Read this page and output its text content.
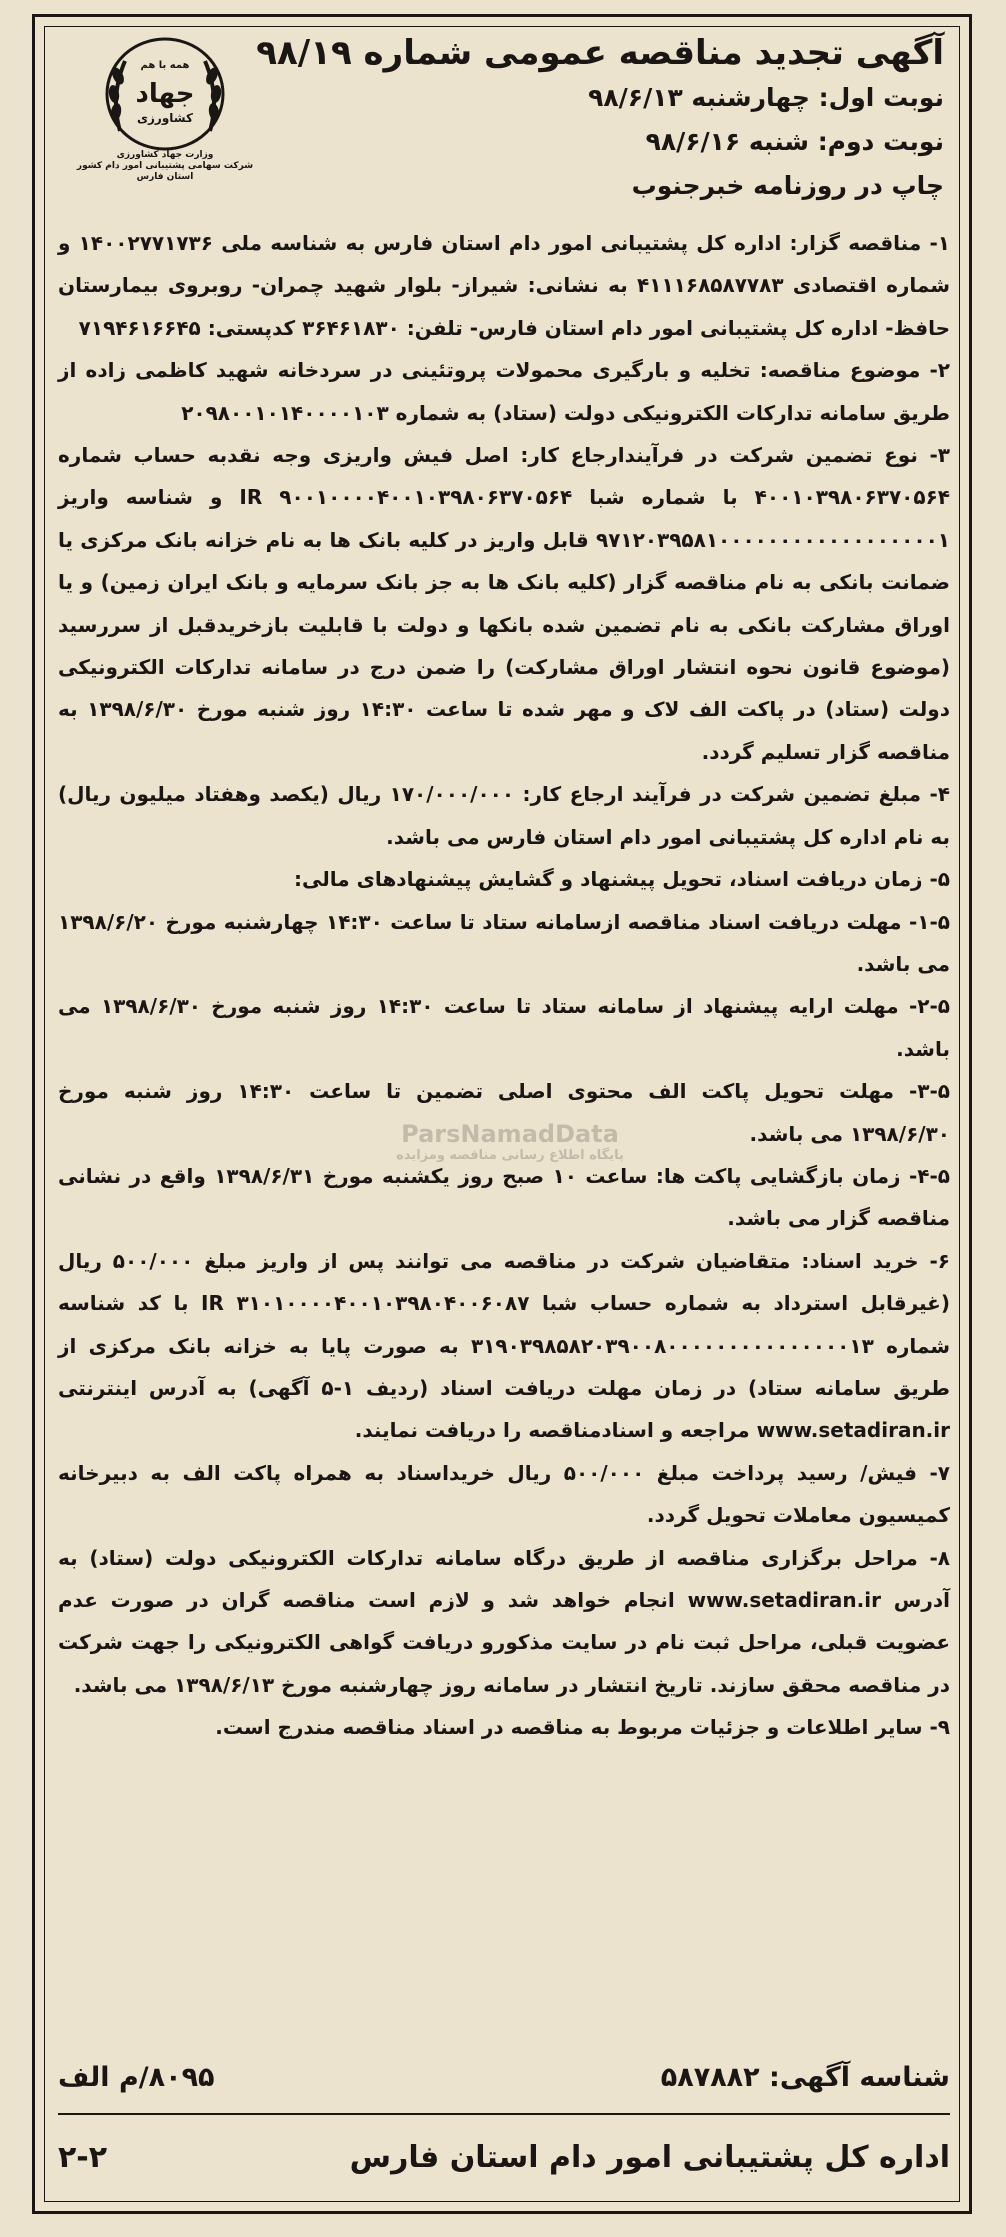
همه با هم
جهاد
کشاورزی
وزارت جهاد کشاورزی
شرکت سهامی پشتیبانی امور دام کشور
استان فارس
آگهی تجدید مناقصه عمومی شماره ۹۸/۱۹
نوبت اول: چهارشنبه ۹۸/۶/۱۳
نوبت دوم: شنبه ۹۸/۶/۱۶
چاپ در روزنامه خبرجنوب

۱- مناقصه گزار: اداره کل پشتیبانی امور دام استان فارس به شناسه ملی ۱۴۰۰۲۷۷۱۷۳۶ و شماره اقتصادی ۴۱۱۱۶۸۵۸۷۷۸۳ به نشانی: شیراز- بلوار شهید چمران- روبروی بیمارستان حافظ- اداره کل پشتیبانی امور دام استان فارس- تلفن: ۳۶۴۶۱۸۳۰ کدپستی: ۷۱۹۴۶۱۶۶۴۵

۲- موضوع مناقصه: تخلیه و بارگیری محمولات پروتئینی در سردخانه شهید کاظمی زاده از طریق سامانه تدارکات الکترونیکی دولت (ستاد) به شماره ۲۰۹۸۰۰۱۰۱۴۰۰۰۰۱۰۳

۳- نوع تضمین شرکت در فرآیندارجاع کار: اصل فیش واریزی وجه نقدبه حساب شماره ۴۰۰۱۰۳۹۸۰۶۳۷۰۵۶۴ با شماره شبا IR ۹۰۰۱۰۰۰۰۴۰۰۱۰۳۹۸۰۶۳۷۰۵۶۴ و شناسه واریز ۹۷۱۲۰۳۹۵۸۱۰۰۰۰۰۰۰۰۰۰۰۰۰۰۰۰۰۰۱ قابل واریز در کلیه بانک ها به نام خزانه بانک مرکزی یا ضمانت بانکی به نام مناقصه گزار (کلیه بانک ها به جز بانک سرمایه و بانک ایران زمین) و یا اوراق مشارکت بانکی به نام تضمین شده بانکها و دولت با قابلیت بازخریدقبل از سررسید (موضوع قانون نحوه انتشار اوراق مشارکت) را ضمن درج در سامانه تدارکات الکترونیکی دولت (ستاد) در پاکت الف لاک و مهر شده تا ساعت ۱۴:۳۰ روز شنبه مورخ ۱۳۹۸/۶/۳۰ به مناقصه گزار تسلیم گردد.

۴- مبلغ تضمین شرکت در فرآیند ارجاع کار: ۱۷۰/۰۰۰/۰۰۰ ریال (یکصد وهفتاد میلیون ریال) به نام اداره کل پشتیبانی امور دام استان فارس می باشد.

۵- زمان دریافت اسناد، تحویل پیشنهاد و گشایش پیشنهادهای مالی:

۱-۵- مهلت دریافت اسناد مناقصه ازسامانه ستاد تا ساعت ۱۴:۳۰ چهارشنبه مورخ ۱۳۹۸/۶/۲۰ می باشد.

۲-۵- مهلت ارایه پیشنهاد از سامانه ستاد تا ساعت ۱۴:۳۰ روز شنبه مورخ ۱۳۹۸/۶/۳۰ می باشد.

۳-۵- مهلت تحویل پاکت الف محتوی اصلی تضمین تا ساعت ۱۴:۳۰ روز شنبه مورخ ۱۳۹۸/۶/۳۰ می باشد.

۴-۵- زمان بازگشایی پاکت ها: ساعت ۱۰ صبح روز یکشنبه مورخ ۱۳۹۸/۶/۳۱ واقع در نشانی مناقصه گزار می باشد.

۶- خرید اسناد: متقاضیان شرکت در مناقصه می توانند پس از واریز مبلغ ۵۰۰/۰۰۰ ریال (غیرقابل استرداد به شماره حساب شبا IR ۳۱۰۱۰۰۰۰۴۰۰۱۰۳۹۸۰۴۰۰۶۰۸۷ با کد شناسه شماره ۳۱۹۰۳۹۸۵۸۲۰۳۹۰۰۸۰۰۰۰۰۰۰۰۰۰۰۰۰۰۰۱۳ به صورت پایا به خزانه بانک مرکزی از طریق سامانه ستاد) در زمان مهلت دریافت اسناد (ردیف ۱-۵ آگهی) به آدرس اینترنتی www.setadiran.ir مراجعه و اسنادمناقصه را دریافت نمایند.

۷- فیش/ رسید پرداخت مبلغ ۵۰۰/۰۰۰ ریال خریداسناد به همراه پاکت الف به دبیرخانه کمیسیون معاملات تحویل گردد.

۸- مراحل برگزاری مناقصه از طریق درگاه سامانه تدارکات الکترونیکی دولت (ستاد) به آدرس www.setadiran.ir انجام خواهد شد و لازم است مناقصه گران در صورت عدم عضویت قبلی، مراحل ثبت نام در سایت مذکورو دریافت گواهی الکترونیکی را جهت شرکت در مناقصه محقق سازند. تاریخ انتشار در سامانه روز چهارشنبه مورخ ۱۳۹۸/۶/۱۳ می باشد.

۹- سایر اطلاعات و جزئیات مربوط به مناقصه در اسناد مناقصه مندرج است.

ParsNamadData
پایگاه اطلاع رسانی مناقصه ومزایده
شناسه آگهی: ۵۸۷۸۸۲
۸۰۹۵/م الف
اداره کل پشتیبانی امور دام استان فارس
۲-۲
